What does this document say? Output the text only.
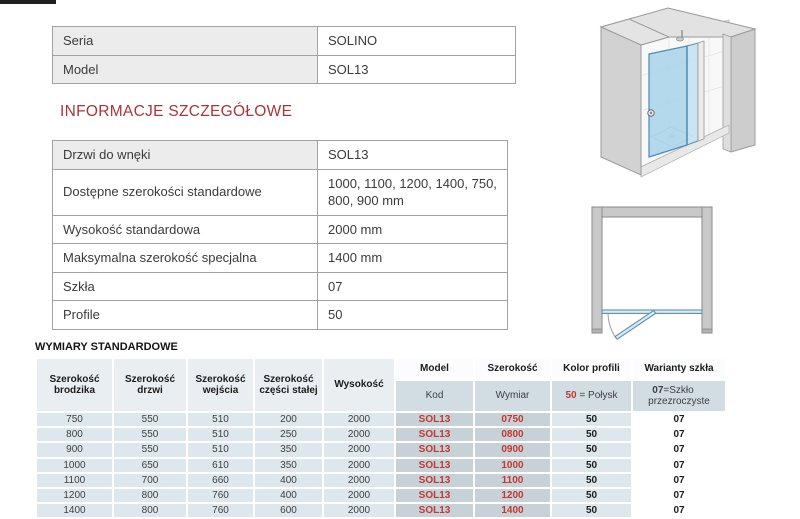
Seria	SOLINO
Model	SOL13
INFORMACJE SZCZEGÓŁOWE
Drzwi do wnęki	SOL13
Dostępne szerokości standardowe	1000, 1100, 1200, 1400, 750, 800, 900 mm
Wysokość standardowa	2000 mm
Maksymalna szerokość specjalna	1400 mm
Szkła	07
Profile	50
WYMIARY STANDARDOWE
Szerokość brodzika	Szerokość drzwi	Szerokość wejścia	Szerokość części stałej	Wysokość	Model	Szerokość	Kolor profili	Warianty szkła
					Kod	Wymiar	50 = Połysk	07=Szkło przezroczyste
750	550	510	200	2000	SOL13	0750	50	07
800	550	510	250	2000	SOL13	0800	50	07
900	550	510	350	2000	SOL13	0900	50	07
1000	650	610	350	2000	SOL13	1000	50	07
1100	700	660	400	2000	SOL13	1100	50	07
1200	800	760	400	2000	SOL13	1200	50	07
1400	800	760	600	2000	SOL13	1400	50	07
